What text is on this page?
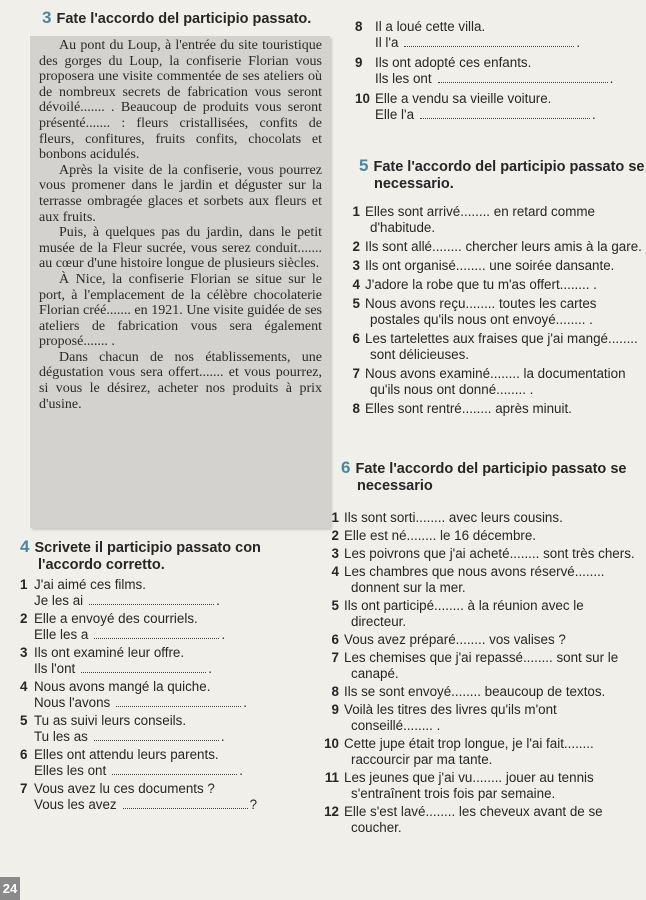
3 Fate l'accordo del participio passato.

Au pont du Loup, à l'entrée du site touristique des gorges du Loup, la confiserie Florian vous proposera une visite commentée de ses ateliers où de nombreux secrets de fabrication vous seront dévoilé....... . Beaucoup de produits vous seront présenté....... : fleurs cristallisées, confits de fleurs, confitures, fruits confits, chocolats et bonbons acidulés.

Après la visite de la confiserie, vous pourrez vous promener dans le jardin et déguster sur la terrasse ombragée glaces et sorbets aux fleurs et aux fruits.

Puis, à quelques pas du jardin, dans le petit musée de la Fleur sucrée, vous serez conduit....... au cœur d'une histoire longue de plusieurs siècles.

À Nice, la confiserie Florian se situe sur le port, à l'emplacement de la célèbre chocolaterie Florian créé....... en 1921. Une visite guidée de ses ateliers de fabrication vous sera également proposé....... .

Dans chacun de nos établissements, une dégustation vous sera offert....... et vous pourrez, si vous le désirez, acheter nos produits à prix d'usine.

4 Scrivete il participio passato con
l'accordo corretto.
1 J'ai aimé ces films.
Je les ai	.
2 Elle a envoyé des courriels.
Elle les a	.
3 Ils ont examiné leur offre.
Ils l'ont	.
4 Nous avons mangé la quiche.
Nous l'avons	.
5 Tu as suivi leurs conseils.
Tu les as	.
6 Elles ont attendu leurs parents.
Elles les ont	.
7 Vous avez lu ces documents ?
Vous les avez	?
8 Il a loué cette villa.
Il l'a	.
9 Ils ont adopté ces enfants.
Ils les ont	.
10 Elle a vendu sa vieille voiture.
Elle l'a	.
5 Fate l'accordo del participio passato se
necessario.
1 Elles sont arrivé........ en retard comme
d'habitude.
2 Ils sont allé........ chercher leurs amis à la gare.
3 Ils ont organisé........ une soirée dansante.
4 J'adore la robe que tu m'as offert........ .
5 Nous avons reçu........ toutes les cartes
postales qu'ils nous ont envoyé........ .
6 Les tartelettes aux fraises que j'ai mangé........
sont délicieuses.
7 Nous avons examiné........ la documentation
qu'ils nous ont donné........ .
8 Elles sont rentré........ après minuit.
6 Fate l'accordo del participio passato se
necessario
1 Ils sont sorti........ avec leurs cousins.
2 Elle est né........ le 16 décembre.
3 Les poivrons que j'ai acheté........ sont très chers.
4 Les chambres que nous avons réservé........
donnent sur la mer.
5 Ils ont participé........ à la réunion avec le
directeur.
6 Vous avez préparé........ vos valises ?
7 Les chemises que j'ai repassé........ sont sur le
canapé.
8 Ils se sont envoyé........ beaucoup de textos.
9 Voilà les titres des livres qu'ils m'ont
conseillé........ .
10 Cette jupe était trop longue, je l'ai fait........
raccourcir par ma tante.
11 Les jeunes que j'ai vu........ jouer au tennis
s'entraînent trois fois par semaine.
12 Elle s'est lavé........ les cheveux avant de se
coucher.
24
